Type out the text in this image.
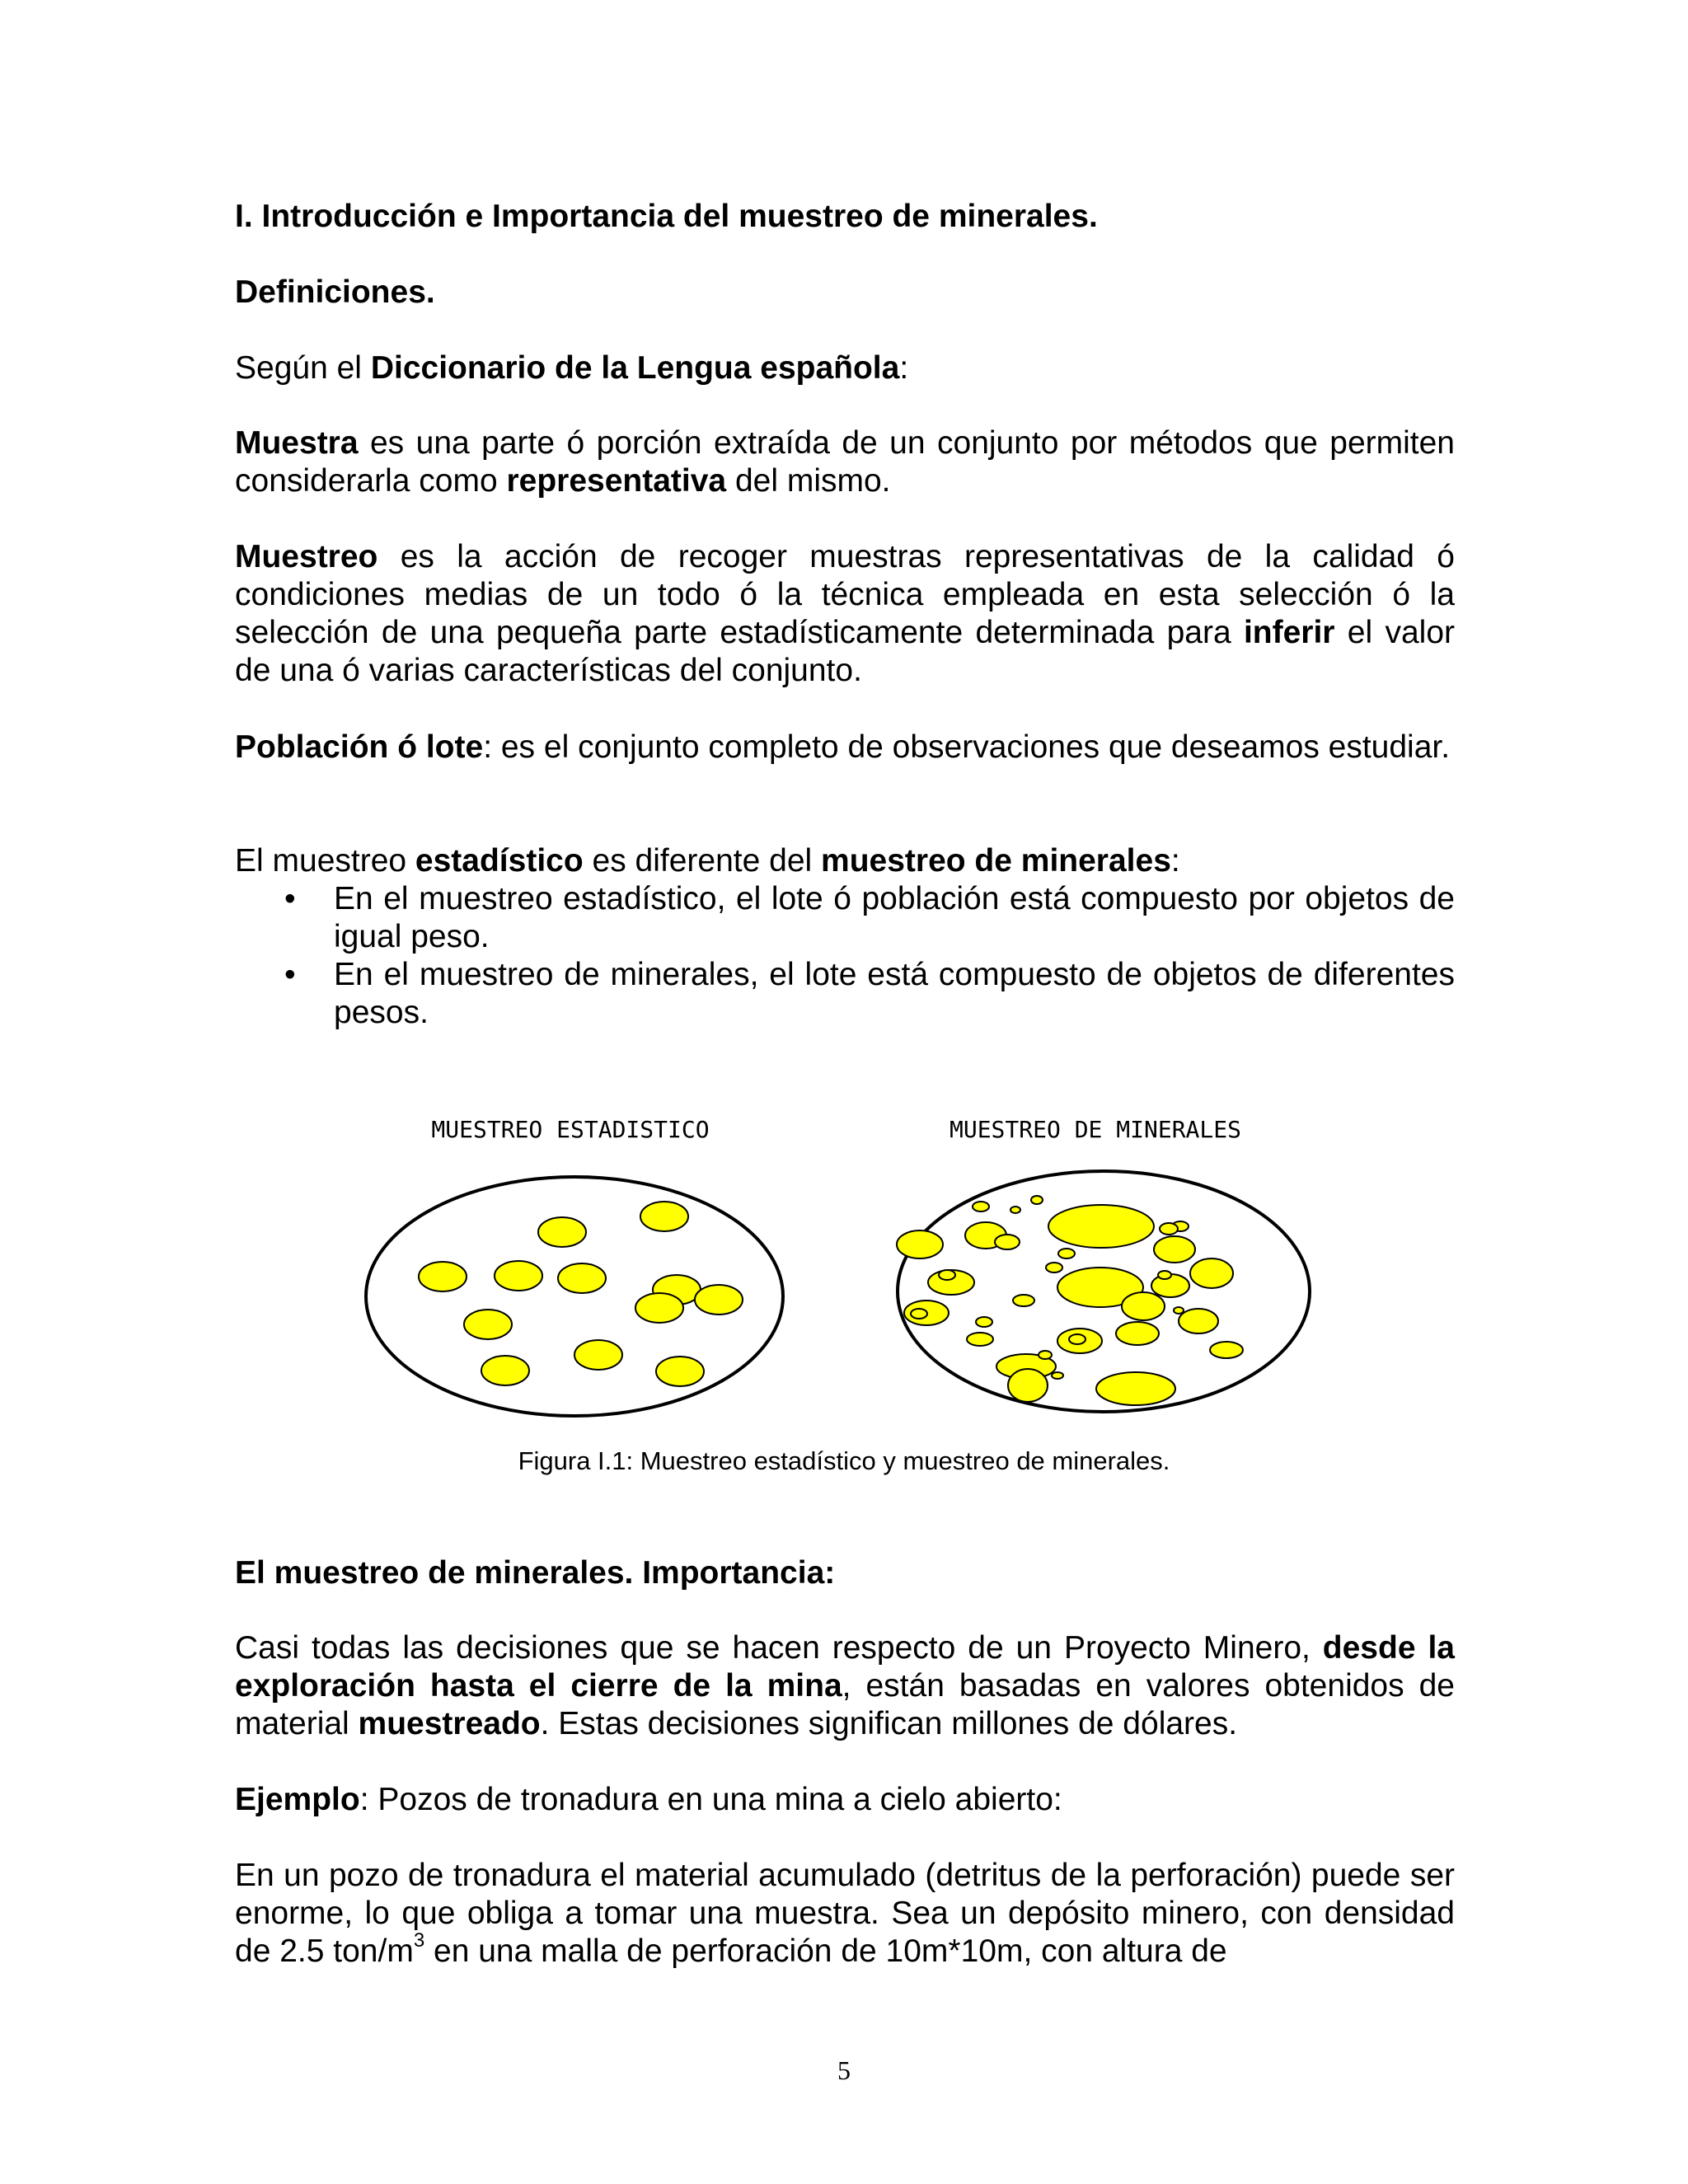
I. Introducción e Importancia del muestreo de minerales.
Definiciones.
Según el Diccionario de la Lengua española:
Muestra es una parte ó porción extraída de un conjunto por métodos que permiten considerarla como representativa del mismo.
Muestreo es la acción de recoger muestras representativas de la calidad ó condiciones medias de un todo ó la técnica empleada en esta selección ó la selección de una pequeña parte estadísticamente determinada para inferir el valor de una ó varias características del conjunto.
Población ó lote: es el conjunto completo de observaciones que deseamos estudiar.
El muestreo estadístico es diferente del muestreo de minerales:
• En el muestreo estadístico, el lote ó población está compuesto por objetos de igual peso.
• En el muestreo de minerales, el lote está compuesto de objetos de diferentes pesos.
MUESTREO ESTADISTICO	MUESTREO DE MINERALES
Figura I.1: Muestreo estadístico y muestreo de minerales.
El muestreo de minerales. Importancia:
Casi todas las decisiones que se hacen respecto de un Proyecto Minero, desde la exploración hasta el cierre de la mina, están basadas en valores obtenidos de material muestreado. Estas decisiones significan millones de dólares.
Ejemplo: Pozos de tronadura en una mina a cielo abierto:
En un pozo de tronadura el material acumulado (detritus de la perforación) puede ser enorme, lo que obliga a tomar una muestra. Sea un depósito minero, con densidad de 2.5 ton/$m^3$ en una malla de perforación de 10m*10m, con altura de
5
